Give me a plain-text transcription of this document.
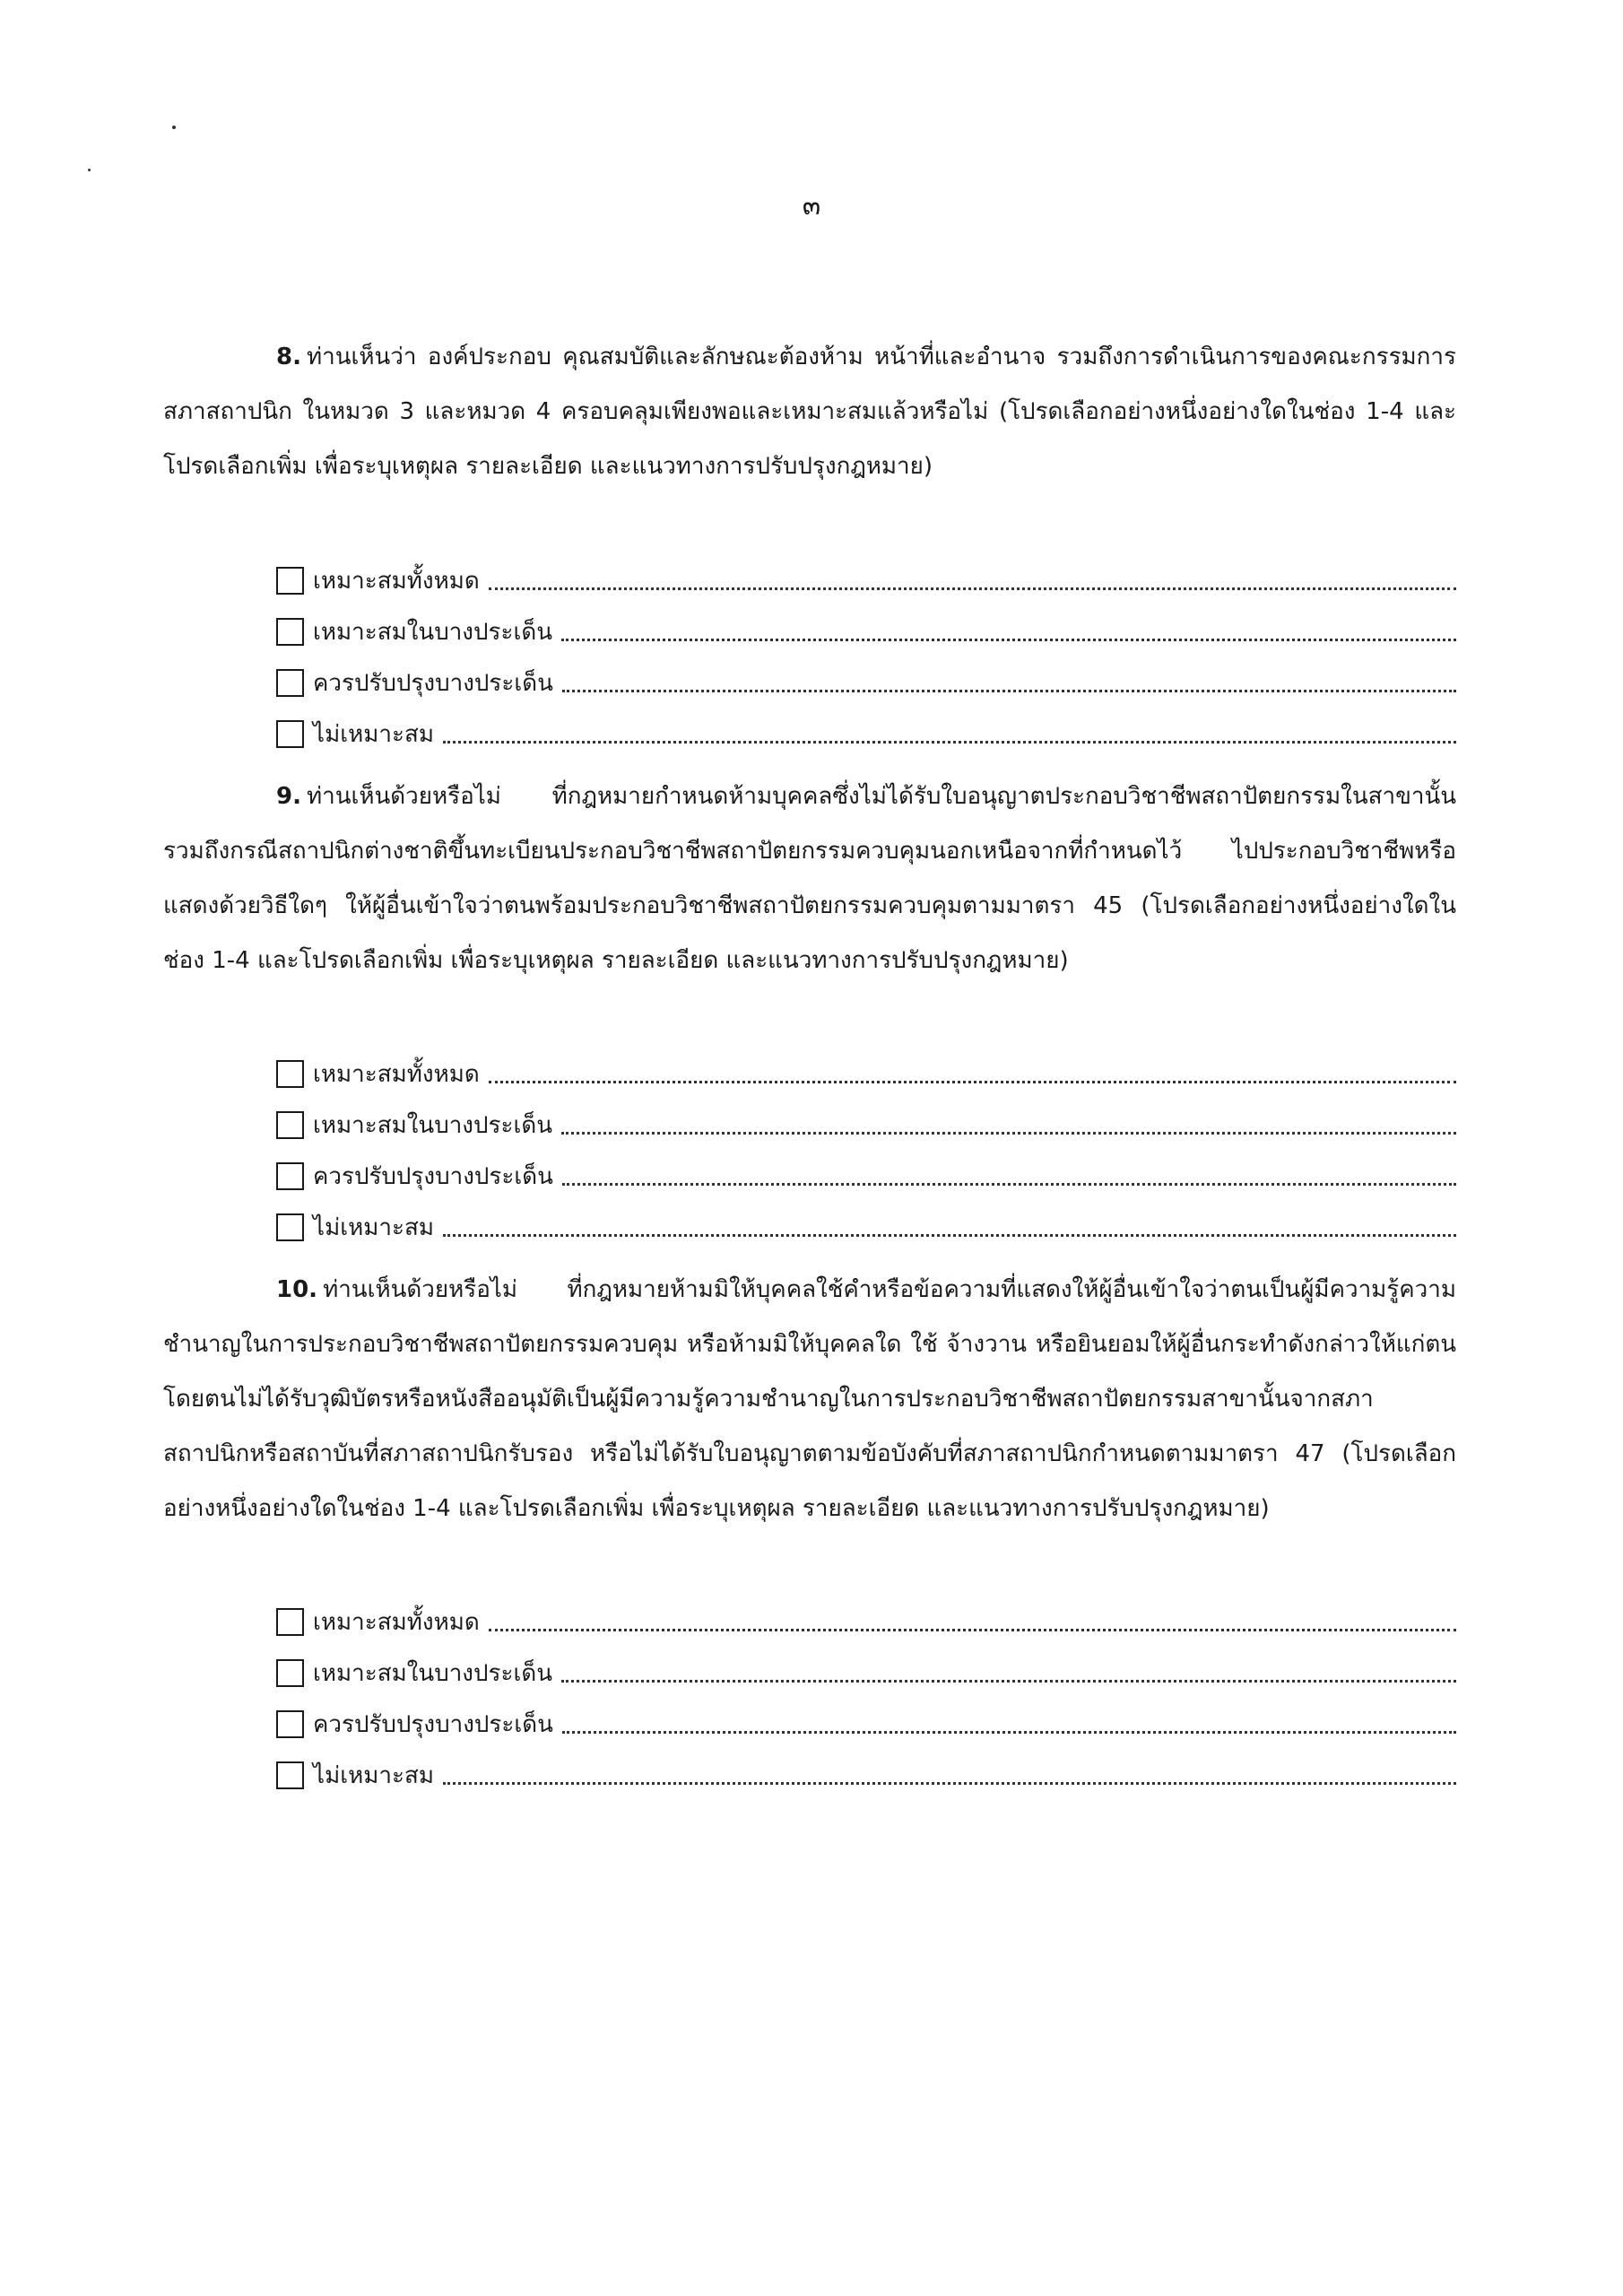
๓
8. ท่านเห็นว่า องค์ประกอบ คุณสมบัติและลักษณะต้องห้าม หน้าที่และอำนาจ รวมถึงการดำเนินการของคณะกรรมการสภาสถาปนิก ในหมวด 3 และหมวด 4 ครอบคลุมเพียงพอและเหมาะสมแล้วหรือไม่ (โปรดเลือกอย่างหนึ่งอย่างใดในช่อง 1-4 และโปรดเลือกเพิ่ม เพื่อระบุเหตุผล รายละเอียด และแนวทางการปรับปรุงกฎหมาย)
เหมาะสมทั้งหมด
เหมาะสมในบางประเด็น
ควรปรับปรุงบางประเด็น
ไม่เหมาะสม
9. ท่านเห็นด้วยหรือไม่ ที่กฎหมายกำหนดห้ามบุคคลซึ่งไม่ได้รับใบอนุญาตประกอบวิชาชีพสถาปัตยกรรมในสาขานั้น รวมถึงกรณีสถาปนิกต่างชาติขึ้นทะเบียนประกอบวิชาชีพสถาปัตยกรรมควบคุมนอกเหนือจากที่กำหนดไว้ ไปประกอบวิชาชีพหรือแสดงด้วยวิธีใดๆ ให้ผู้อื่นเข้าใจว่าตนพร้อมประกอบวิชาชีพสถาปัตยกรรมควบคุมตามมาตรา 45 (โปรดเลือกอย่างหนึ่งอย่างใดในช่อง 1-4 และโปรดเลือกเพิ่ม เพื่อระบุเหตุผล รายละเอียด และแนวทางการปรับปรุงกฎหมาย)
เหมาะสมทั้งหมด
เหมาะสมในบางประเด็น
ควรปรับปรุงบางประเด็น
ไม่เหมาะสม
10. ท่านเห็นด้วยหรือไม่ ที่กฎหมายห้ามมิให้บุคคลใช้คำหรือข้อความที่แสดงให้ผู้อื่นเข้าใจว่าตนเป็นผู้มีความรู้ความชำนาญในการประกอบวิชาชีพสถาปัตยกรรมควบคุม หรือห้ามมิให้บุคคลใด ใช้ จ้างวาน หรือยินยอมให้ผู้อื่นกระทำดังกล่าวให้แก่ตน โดยตนไม่ได้รับวุฒิบัตรหรือหนังสืออนุมัติเป็นผู้มีความรู้ความชำนาญในการประกอบวิชาชีพสถาปัตยกรรมสาขานั้นจากสภาสถาปนิกหรือสถาบันที่สภาสถาปนิกรับรอง หรือไม่ได้รับใบอนุญาตตามข้อบังคับที่สภาสถาปนิกกำหนดตามมาตรา 47 (โปรดเลือกอย่างหนึ่งอย่างใดในช่อง 1-4 และโปรดเลือกเพิ่ม เพื่อระบุเหตุผล รายละเอียด และแนวทางการปรับปรุงกฎหมาย)
เหมาะสมทั้งหมด
เหมาะสมในบางประเด็น
ควรปรับปรุงบางประเด็น
ไม่เหมาะสม
